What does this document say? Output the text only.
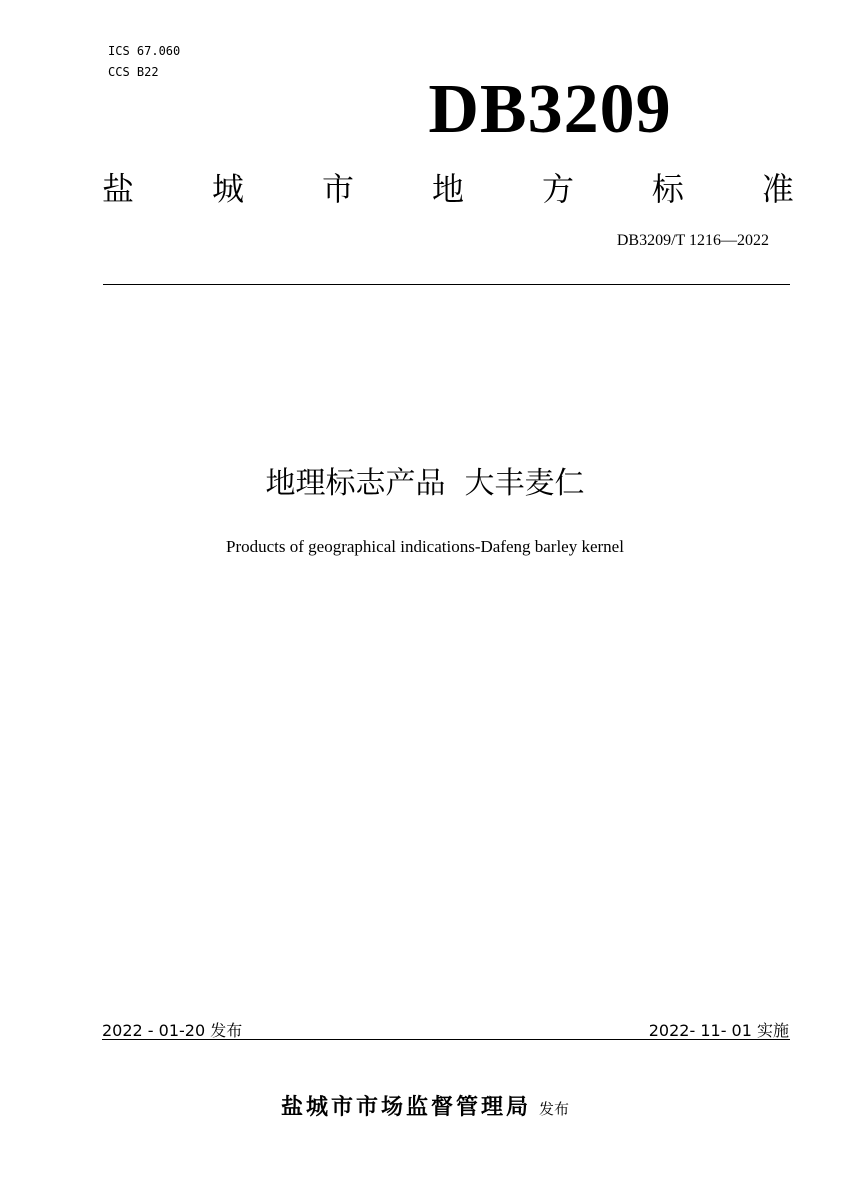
ICS 67.060
CCS B22	DB3209
盐 城 市 地 方 标 准
DB3209/T 1216—2022
地理标志产品  大丰麦仁
Products of geographical indications-Dafeng barley kernel
2022 - 01-20 发布	2022- 11- 01 实施
盐城市市场监督管理局 发布
